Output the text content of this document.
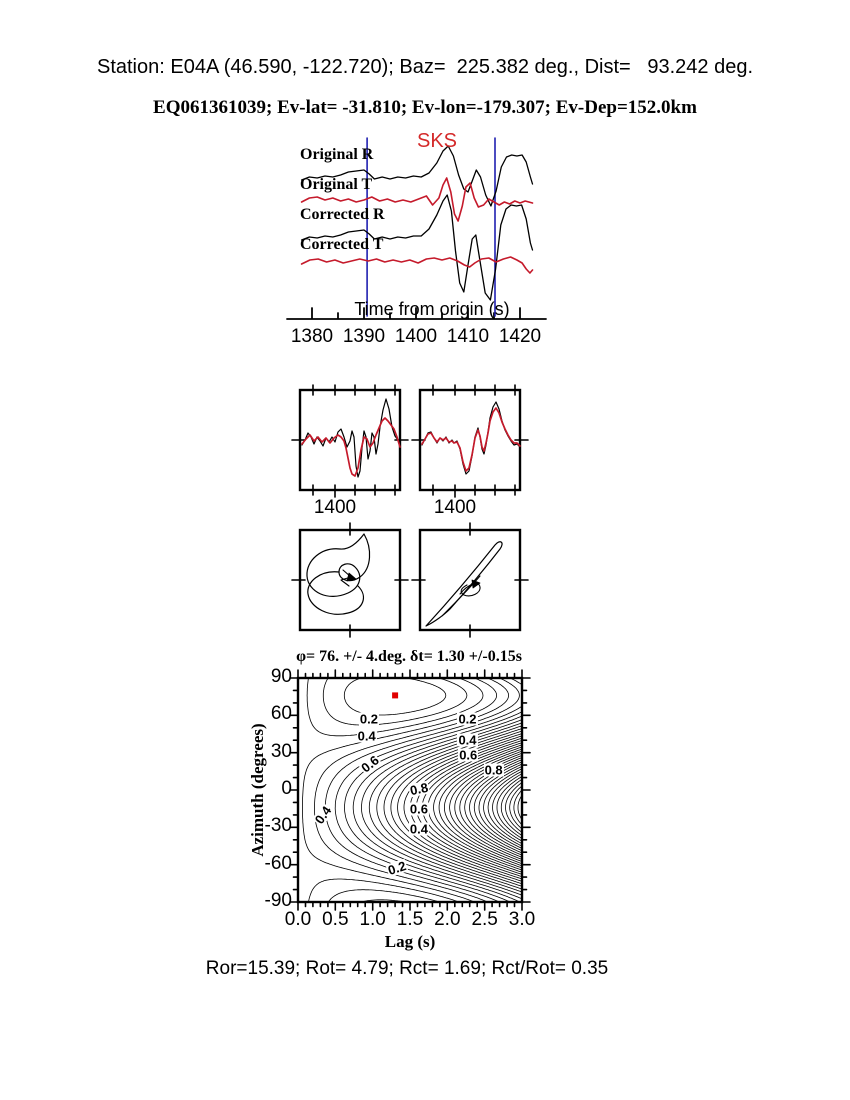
Station: E04A (46.590, -122.720); Baz=  225.382 deg., Dist=   93.242 deg.
EQ061361039; Ev-lat= -31.810; Ev-lon=-179.307; Ev-Dep=152.0km
SKS
Original R
Original T
Corrected R
Corrected T
Time from origin (s)
φ= 76. +/- 4.deg. δt= 1.30 +/-0.15s
Azimuth (degrees)
Lag (s)
Ror=15.39; Rot= 4.79; Rct= 1.69; Rct/Rot= 0.35
1380 1390 1400 1410 1420
1400	1400
0.0 0.5 1.0 1.5 2.0 2.5 3.0
90
60
30
0
-30
-60
-90
0.2	0.2
0.4	0.4
0.6
0.8
0.6
0.8
0.6
0.4
0.4
0.2
